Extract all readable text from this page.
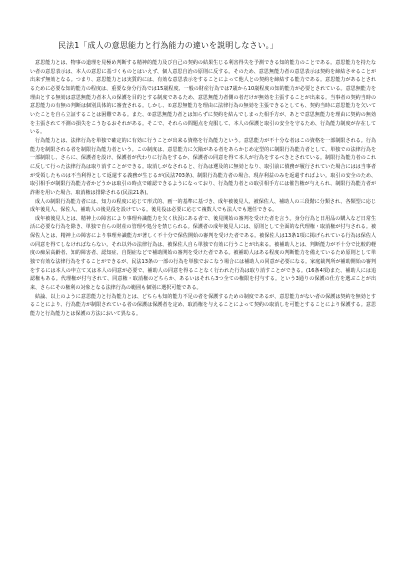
民法1「成人の意思能力と行為能力の違いを説明しなさい。」

意思能力とは、物事の道理を見極め判断する精神的能力及び自己の契約の結果生じる利害得失を予測できる知的能力のことである。意思能力を持たない者の意思表示は、本人の意思に基づくものとはいえず、個人意思自治の原則に反する。そのため、意思無能力者の意思表示は契約を締結させることが出来ず無効となる。つまり、意思能力とは実質的には、有効な意思表示をすることによって他人との契約を締結する能力である。意思能力があるとされるために必要な知的能力の程度は、重要な身分行為では15歳程度、一般の財産行為では7歳から10歳程度の知的能力が必要とされている。意思無能力を理由とする無効は意思無能力者本人の保護を目的とする制度であるため、意思無能力者側の者だけが無効を主張することが出来る。当事者の契約当時の意思能力の有無の判断は個別具体的に審査される。しかし、①意思無能力を理由に法律行為の無効を主張できるとしても、契約当時に意思能力を欠いていたことを自ら立証することは困難である。また、②意思無能力者とは知らずに契約を結んでしまった相手方が、あとで意思無能力を理由に契約の無効を主張されて不測の損失をこうむるおそれがある。そこで、それらの問題点を克服して、本人の保護と取引の安全を守るため、行為能力制度が存在している。

行為能力とは、法律行為を単独で確定的に有効に行うことが出来る資格を行為能力という。意思能力が不十分な者はこの資格を一部制限される。行為能力を制限される者を制限行為能力者という。この制度は、意思能力に欠陥がある者をあらかじめ定型的に制限行為能力者として、単独での法律行為を一部制限し、さらに、保護者を設け、保護者が代わりに行為をするか、保護者の同意を得て本人が行為をするべきとされている。制限行為能力者のこれに反して行った法律行為は取り消すことができる。取消しがなされると、行為は遡及的に無効となり、取引前に債務が履行されていた場合にはは当事者が受領したものは不当利得として返還する義務が生じるが(民法703条)、制限行為能力者の場合、現存利益のみを返還すればよい。取引の安全のため、取引相手が制限行為能力者かどうかは取引の時点で確認できるようになっており、行為能力者との取引相手方には催告権が与えられ、制限行為能力者が詐術を用いた場合、取消権は排除される(民法21条)。

成人の制限行為能力者には、知力の程度に応じて形式的、画一的基準に基づき、成年被後見人、被保佐人、補助人の三段階に分類され、各類型に応じ成年後見人、保佐人、補助人の後見役を設けている。後見役は必要に応じて複数人でも法人でも選任できる。

成年被後見人とは、精神上の障害により事理弁識能力を欠く状況にある者で、後見開始の審判を受けた者を言う。身分行為と日用品の購入など日常生活に必要な行為を除き、単独で自らの財産の管理や処分を禁じられる。保護者の成年後見人には、原則として全面的な代理権・取消権が付与される。被保佐人とは、精神上の障害により事理弁識能力が著しく不十分で保佐開始の審判を受けた者である。被保佐人は13条1項に掲げられている行為は保佐人の同意を得てしなければならない。それ以外の法律行為は、被保佐人自ら単独で有効に行うことが出来る。被補助人とは、判断能力が不十分で比較的軽度の痴呆高齢者、知的障害者、認知症、自閉症などで補助開始の審判を受けた者である。被補助人はある程度の判断能力を備えているため原則として単独で有効な法律行為をすることができるが、民法13条の一部の行為を単独でおこなう場合には補助人の同意が必要になる。家庭裁判所が補助開始の審判をするには本人の申立て又は本人の同意が必要で、補助人の同意を得ることなく行われた行為は取り消すことができる。(16条4項)また、補助人には追認権もある。代理権が付与されて、同意権・取消権のどちらか、あるいはそれら3つ全ての権限を付与する。という3通りの保護の仕方を選ぶことが出来、さらにその権利の対象となる法律行為の範囲も個別に選択可能である。

結論、以上のように意思能力と行為能力とは、どちらも知的能力不足の者を保護するための制度であるが、意思能力がない者の保護は契約を無効とすることにより、行為能力が制限されている者の保護は保護者を定め、取消権を与えることによって契約の取消しを可能とすることにより保護する。意思能力と行為能力とは保護の方法において異なる。
